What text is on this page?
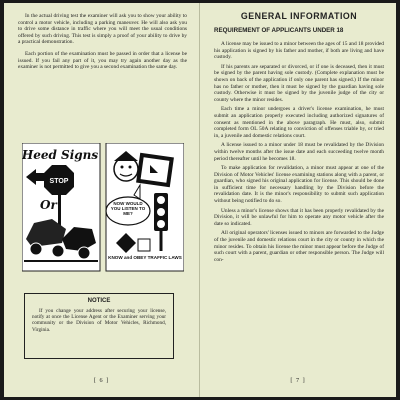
In the actual driving test the examiner will ask you to show your ability to control a motor vehicle, including a parking maneuver. He will also ask you to drive some distance in traffic where you will meet the usual conditions offered by such driving. This test is simply a proof of your ability to drive by a practical demonstration.

Each portion of the examination must be passed in order that a license be issued. If you fail any part of it, you may try again another day as the examiner is not permitted to give you a second examination the same day.

Heed Signs
STOP
Or	NOW WOULD YOU LISTEN TO ME?
KNOW and OBEY TRAFFIC LAWS
NOTICE

If you change your address after securing your license, notify at once the License Agent or the Examiner serving your community or the Division of Motor Vehicles, Richmond, Virginia.

[ 6 ]
GENERAL INFORMATION
REQUIREMENT OF APPLICANTS UNDER 18

A license may be issued to a minor between the ages of 15 and 18 provided his application is signed by his father and mother, if both are living and have custody.

If his parents are separated or divorced, or if one is deceased, then it must be signed by the parent having sole custody. (Complete explanation must be shown on back of the application if only one parent has signed.) If the minor has no father or mother, then it must be signed by the guardian having sole custody. Otherwise it must be signed by the juvenile judge of the city or county where the minor resides.

Each time a minor undergoes a driver's license examination, he must submit an application properly executed including authorized signatures of consent as mentioned in the above paragraph. He must, also, submit completed form OL 50A relating to conviction of offenses triable by, or tried in, a juvenile and domestic relations court.

A license issued to a minor under 18 must be revalidated by the Division within twelve months after the issue date and each succeeding twelve month period thereafter until he becomes 18.

To make application for revalidation, a minor must appear at one of the Division of Motor Vehicles' license examining stations along with a parent, or guardian, who signed his original application for license. This should be done in sufficient time for necessary handling by the Division before the revalidation date. It is the minor's responsibility to submit such application without being notified to do so.

Unless a minor's license shows that it has been properly revalidated by the Division, it will be unlawful for him to operate any motor vehicle after the date so indicated.

All original operators' licenses issued to minors are forwarded to the Judge of the juvenile and domestic relations court in the city or county in which the minor resides. To obtain his license the minor must appear before the Judge of such court with a parent, guardian or other responsible person. The Judge will con-

[ 7 ]
